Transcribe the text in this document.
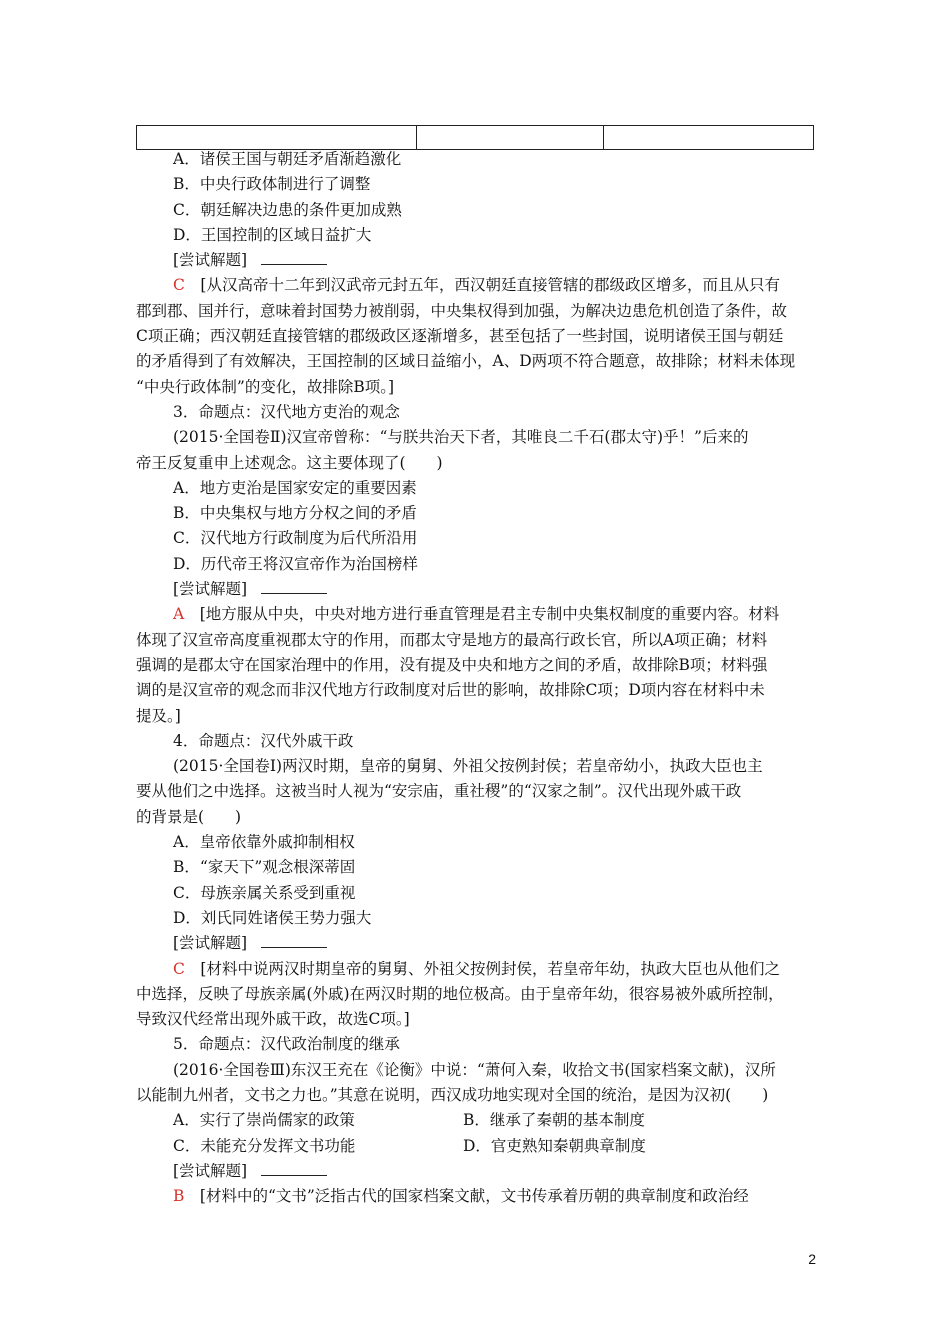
A．诸侯王国与朝廷矛盾渐趋激化
B．中央行政体制进行了调整
C．朝廷解决边患的条件更加成熟
D．王国控制的区域日益扩大
[尝试解题]
C　 [从汉高帝十二年到汉武帝元封五年，西汉朝廷直接管辖的郡级政区增多，而且从只有
郡到郡、国并行，意味着封国势力被削弱，中央集权得到加强，为解决边患危机创造了条件，故
C项正确；西汉朝廷直接管辖的郡级政区逐渐增多，甚至包括了一些封国，说明诸侯王国与朝廷
的矛盾得到了有效解决，王国控制的区域日益缩小，A、D两项不符合题意，故排除；材料未体现
“中央行政体制”的变化，故排除B项。]
3．命题点：汉代地方吏治的观念
(2015·全国卷Ⅱ)汉宣帝曾称：“与朕共治天下者，其唯良二千石(郡太守)乎！”后来的
帝王反复重申上述观念。这主要体现了(　　)
A．地方吏治是国家安定的重要因素
B．中央集权与地方分权之间的矛盾
C．汉代地方行政制度为后代所沿用
D．历代帝王将汉宣帝作为治国榜样
[尝试解题]
A　 [地方服从中央，中央对地方进行垂直管理是君主专制中央集权制度的重要内容。材料
体现了汉宣帝高度重视郡太守的作用，而郡太守是地方的最高行政长官，所以A项正确；材料
强调的是郡太守在国家治理中的作用，没有提及中央和地方之间的矛盾，故排除B项；材料强
调的是汉宣帝的观念而非汉代地方行政制度对后世的影响，故排除C项；D项内容在材料中未
提及。]
4．命题点：汉代外戚干政
(2015·全国卷Ⅰ)两汉时期，皇帝的舅舅、外祖父按例封侯；若皇帝幼小，执政大臣也主
要从他们之中选择。这被当时人视为“安宗庙，重社稷”的“汉家之制”。汉代出现外戚干政
的背景是(　　)
A．皇帝依靠外戚抑制相权
B．“家天下”观念根深蒂固
C．母族亲属关系受到重视
D．刘氏同姓诸侯王势力强大
[尝试解题]
C　 [材料中说两汉时期皇帝的舅舅、外祖父按例封侯，若皇帝年幼，执政大臣也从他们之
中选择，反映了母族亲属(外戚)在两汉时期的地位极高。由于皇帝年幼，很容易被外戚所控制，
导致汉代经常出现外戚干政，故选C项。]
5．命题点：汉代政治制度的继承
(2016·全国卷Ⅲ)东汉王充在《论衡》中说：“萧何入秦，收拾文书(国家档案文献)，汉所
以能制九州者，文书之力也。”其意在说明，西汉成功地实现对全国的统治，是因为汉初(　　)
A．实行了崇尚儒家的政策	B．继承了秦朝的基本制度
C．未能充分发挥文书功能	D．官吏熟知秦朝典章制度
[尝试解题]
B　 [材料中的“文书”泛指古代的国家档案文献，文书传承着历朝的典章制度和政治经
2
